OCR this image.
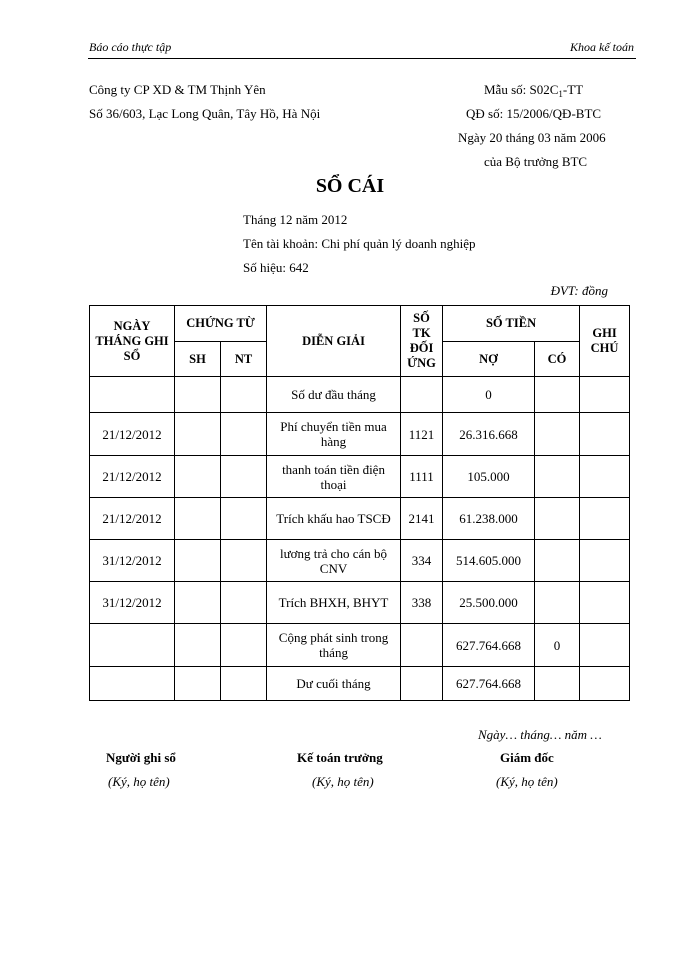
Báo cáo thực tập	Khoa kế toán
Công ty CP XD & TM Thịnh Yên
Số 36/603, Lạc Long Quân, Tây Hồ, Hà Nội
Mẫu số: $S02C_1-TT$
QĐ số: 15/2006/QĐ-BTC
Ngày 20 tháng 03 năm 2006
của Bộ trưởng BTC
SỔ CÁI
Tháng 12 năm 2012
Tên tài khoản: Chi phí quản lý doanh nghiệp
Số hiệu: 642
ĐVT: đồng
NGÀY THÁNG GHI SỔ	CHỨNG TỪ		DIỄN GIẢI	SỐ TK ĐỐI ỨNG	SỐ TIỀN		GHI CHÚ
	SH	NT			NỢ	CÓ	
			Số dư đầu tháng		0		
21/12/2012			Phí chuyển tiền mua hàng	1121	26.316.668		
21/12/2012			thanh toán tiền điện thoại	1111	105.000		
21/12/2012			Trích khấu hao TSCĐ	2141	61.238.000		
31/12/2012			lương trả cho cán bộ CNV	334	514.605.000		
31/12/2012			Trích BHXH, BHYT	338	25.500.000		
			Cộng phát sinh trong tháng		627.764.668	0	
			Dư cuối tháng		627.764.668		
Ngày… tháng… năm …
Người ghi sổ
(Ký, họ tên)
Kế toán trưởng
(Ký, họ tên)
Giám đốc
(Ký, họ tên)
